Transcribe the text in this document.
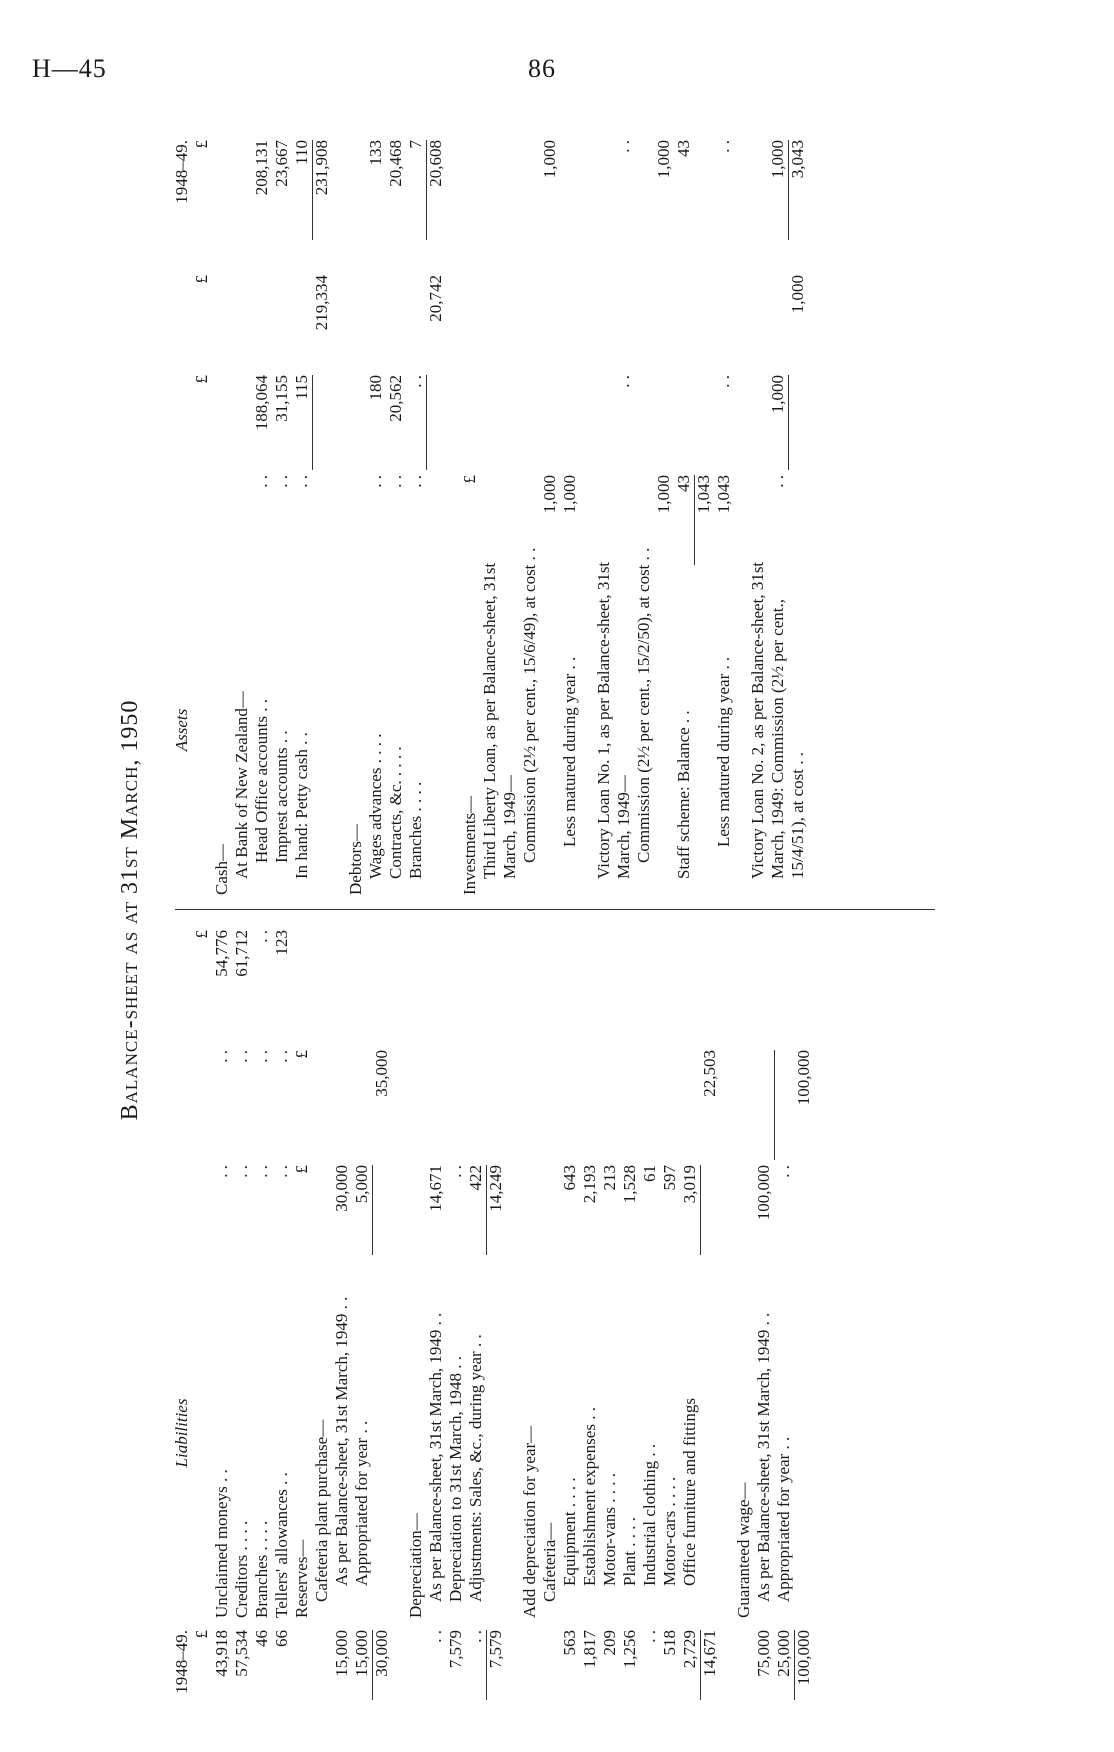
H—45	86
Balance-sheet as at 31st March, 1950
1948–49.
Liabilities
£
£
43,918
Unclaimed moneys . .
. .
. .
54,776
57,534
Creditors . . . .
. .
. .
61,712
46
Branches . . . .
. .
. .
. .
66
Tellers' allowances . .
. .
. .
123
Reserves—
£
£
Cafeteria plant purchase—
15,000
As per Balance-sheet, 31st March, 1949 . .
30,000
15,000
Appropriated for year . .
5,000
30,000
35,000
Depreciation—
. .
As per Balance-sheet, 31st March, 1949 . .
14,671
7,579
Depreciation to 31st March, 1948 . .
. .
. .
Adjustments: Sales, &c., during year . .
422
7,579
14,249
Add depreciation for year— Cafeteria—
563
Equipment . . . .
643
1,817
Establishment expenses . .
2,193
209
Motor-vans . . . .
213
1,256
Plant . . . .
1,528
. .
Industrial clothing . .
61
518
Motor-cars . . . .
597
2,729
Office furniture and fittings
3,019
14,671
22,503
Guaranteed wage—
75,000
As per Balance-sheet, 31st March, 1949 . .
100,000
25,000
Appropriated for year . .
. .
100,000
100,000
Assets
1948–49.
£
£
£
Cash— At Bank of New Zealand— Head Office accounts . .
. .
188,064
208,131
Imprest accounts . .
. .
31,155
23,667
In hand: Petty cash . .
. .
115
110
219,334
231,908
Debtors— Wages advances . . . .
. .
180
133
Contracts, &c. . . . .
. .
20,562
20,468
Branches . . . .
. .
. .
7
20,742
20,608
Investments—
£
Third Liberty Loan, as per Balance-sheet, 31st March, 1949— Commission (2½ per cent., 15/6/49), at cost . .
1,000
1,000
Less matured during year . .
1,000
Victory Loan No. 1, as per Balance-sheet, 31st March, 1949—
. .
. .
Commission (2½ per cent., 15/2/50), at cost . .
1,000
1,000
Staff scheme: Balance . .
43
43
1,043
Less matured during year . .
1,043
. .
. .
Victory Loan No. 2, as per Balance-sheet, 31st March, 1949: Commission (2½ per cent., 15/4/51), at cost . .
. .
1,000
1,000
1,000
3,043
